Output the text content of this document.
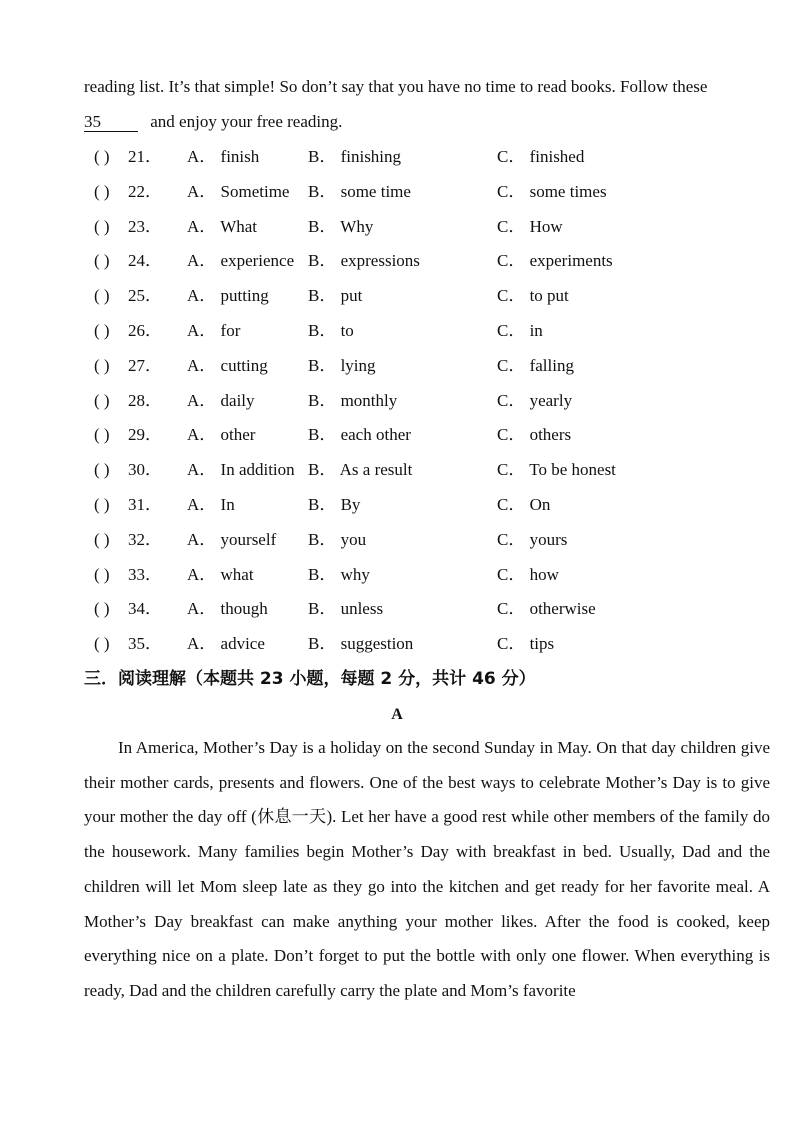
reading list. It’s that simple! So don’t say that you have no time to read books. Follow these
35	and enjoy your free reading.
( ) 21． A． finish	B． finishing	C． finished
( ) 22． A． Sometime B． some time	C． some times
( ) 23． A． What	B． Why	C． How
( ) 24． A． experience B． expressions	C． experiments
( ) 25． A． putting B． put	C． to put
( ) 26． A． for	B． to	C． in
( ) 27． A． cutting B． lying	C． falling
( ) 28． A． daily	B． monthly	C． yearly
( ) 29． A． other	B． each other	C． others
( ) 30． A． In addition B． As a result	C． To be honest
( ) 31． A． In	B． By	C． On
( ) 32． A． yourself B． you	C． yours
( ) 33． A． what	B． why	C． how
( ) 34． A． though B． unless	C． otherwise
( ) 35． A． advice	B． suggestion	C． tips
三．阅读理解（本题共 23 小题，每题 2 分，共计 46 分）
A
In America, Mother’s Day is a holiday on the second Sunday in May. On that day children give their mother cards, presents and flowers. One of the best ways to celebrate Mother’s Day is to give your mother the day off (休息一天). Let her have a good rest while other members of the family do the housework. Many families begin Mother’s Day with breakfast in bed. Usually, Dad and the children will let Mom sleep late as they go into the kitchen and get ready for her favorite meal. A Mother’s Day breakfast can make anything your mother likes. After the food is cooked, keep everything nice on a plate. Don’t forget to put the bottle with only one flower. When everything is ready, Dad and the children carefully carry the plate and Mom’s favorite
